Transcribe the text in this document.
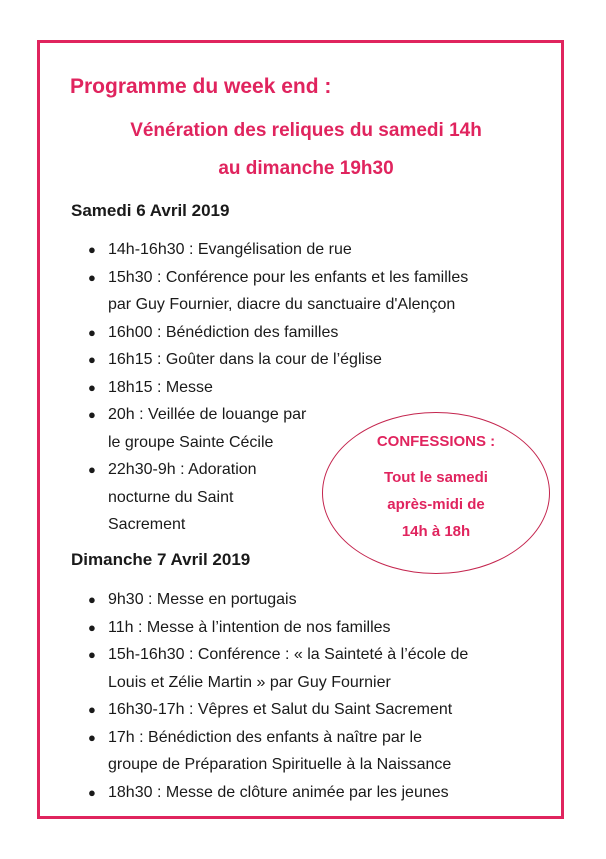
Programme du week end :
Vénération des reliques du samedi 14h
au dimanche 19h30
Samedi 6 Avril 2019
● 14h-16h30 : Evangélisation de rue
● 15h30 : Conférence pour les enfants et les familles
par Guy Fournier, diacre du sanctuaire d'Alençon
● 16h00 : Bénédiction des familles
● 16h15 : Goûter dans la cour de l’église
● 18h15 : Messe
● 20h : Veillée de louange par
le groupe Sainte Cécile
● 22h30-9h : Adoration
nocturne du Saint
Sacrement
CONFESSIONS :
Tout le samedi
après-midi de
14h à 18h
Dimanche 7 Avril 2019
● 9h30 : Messe en portugais
● 11h : Messe à l’intention de nos familles
● 15h-16h30 : Conférence : « la Sainteté à l’école de
Louis et Zélie Martin » par Guy Fournier
● 16h30-17h : Vêpres et Salut du Saint Sacrement
● 17h : Bénédiction des enfants à naître par le
groupe de Préparation Spirituelle à la Naissance
● 18h30 : Messe de clôture animée par les jeunes
